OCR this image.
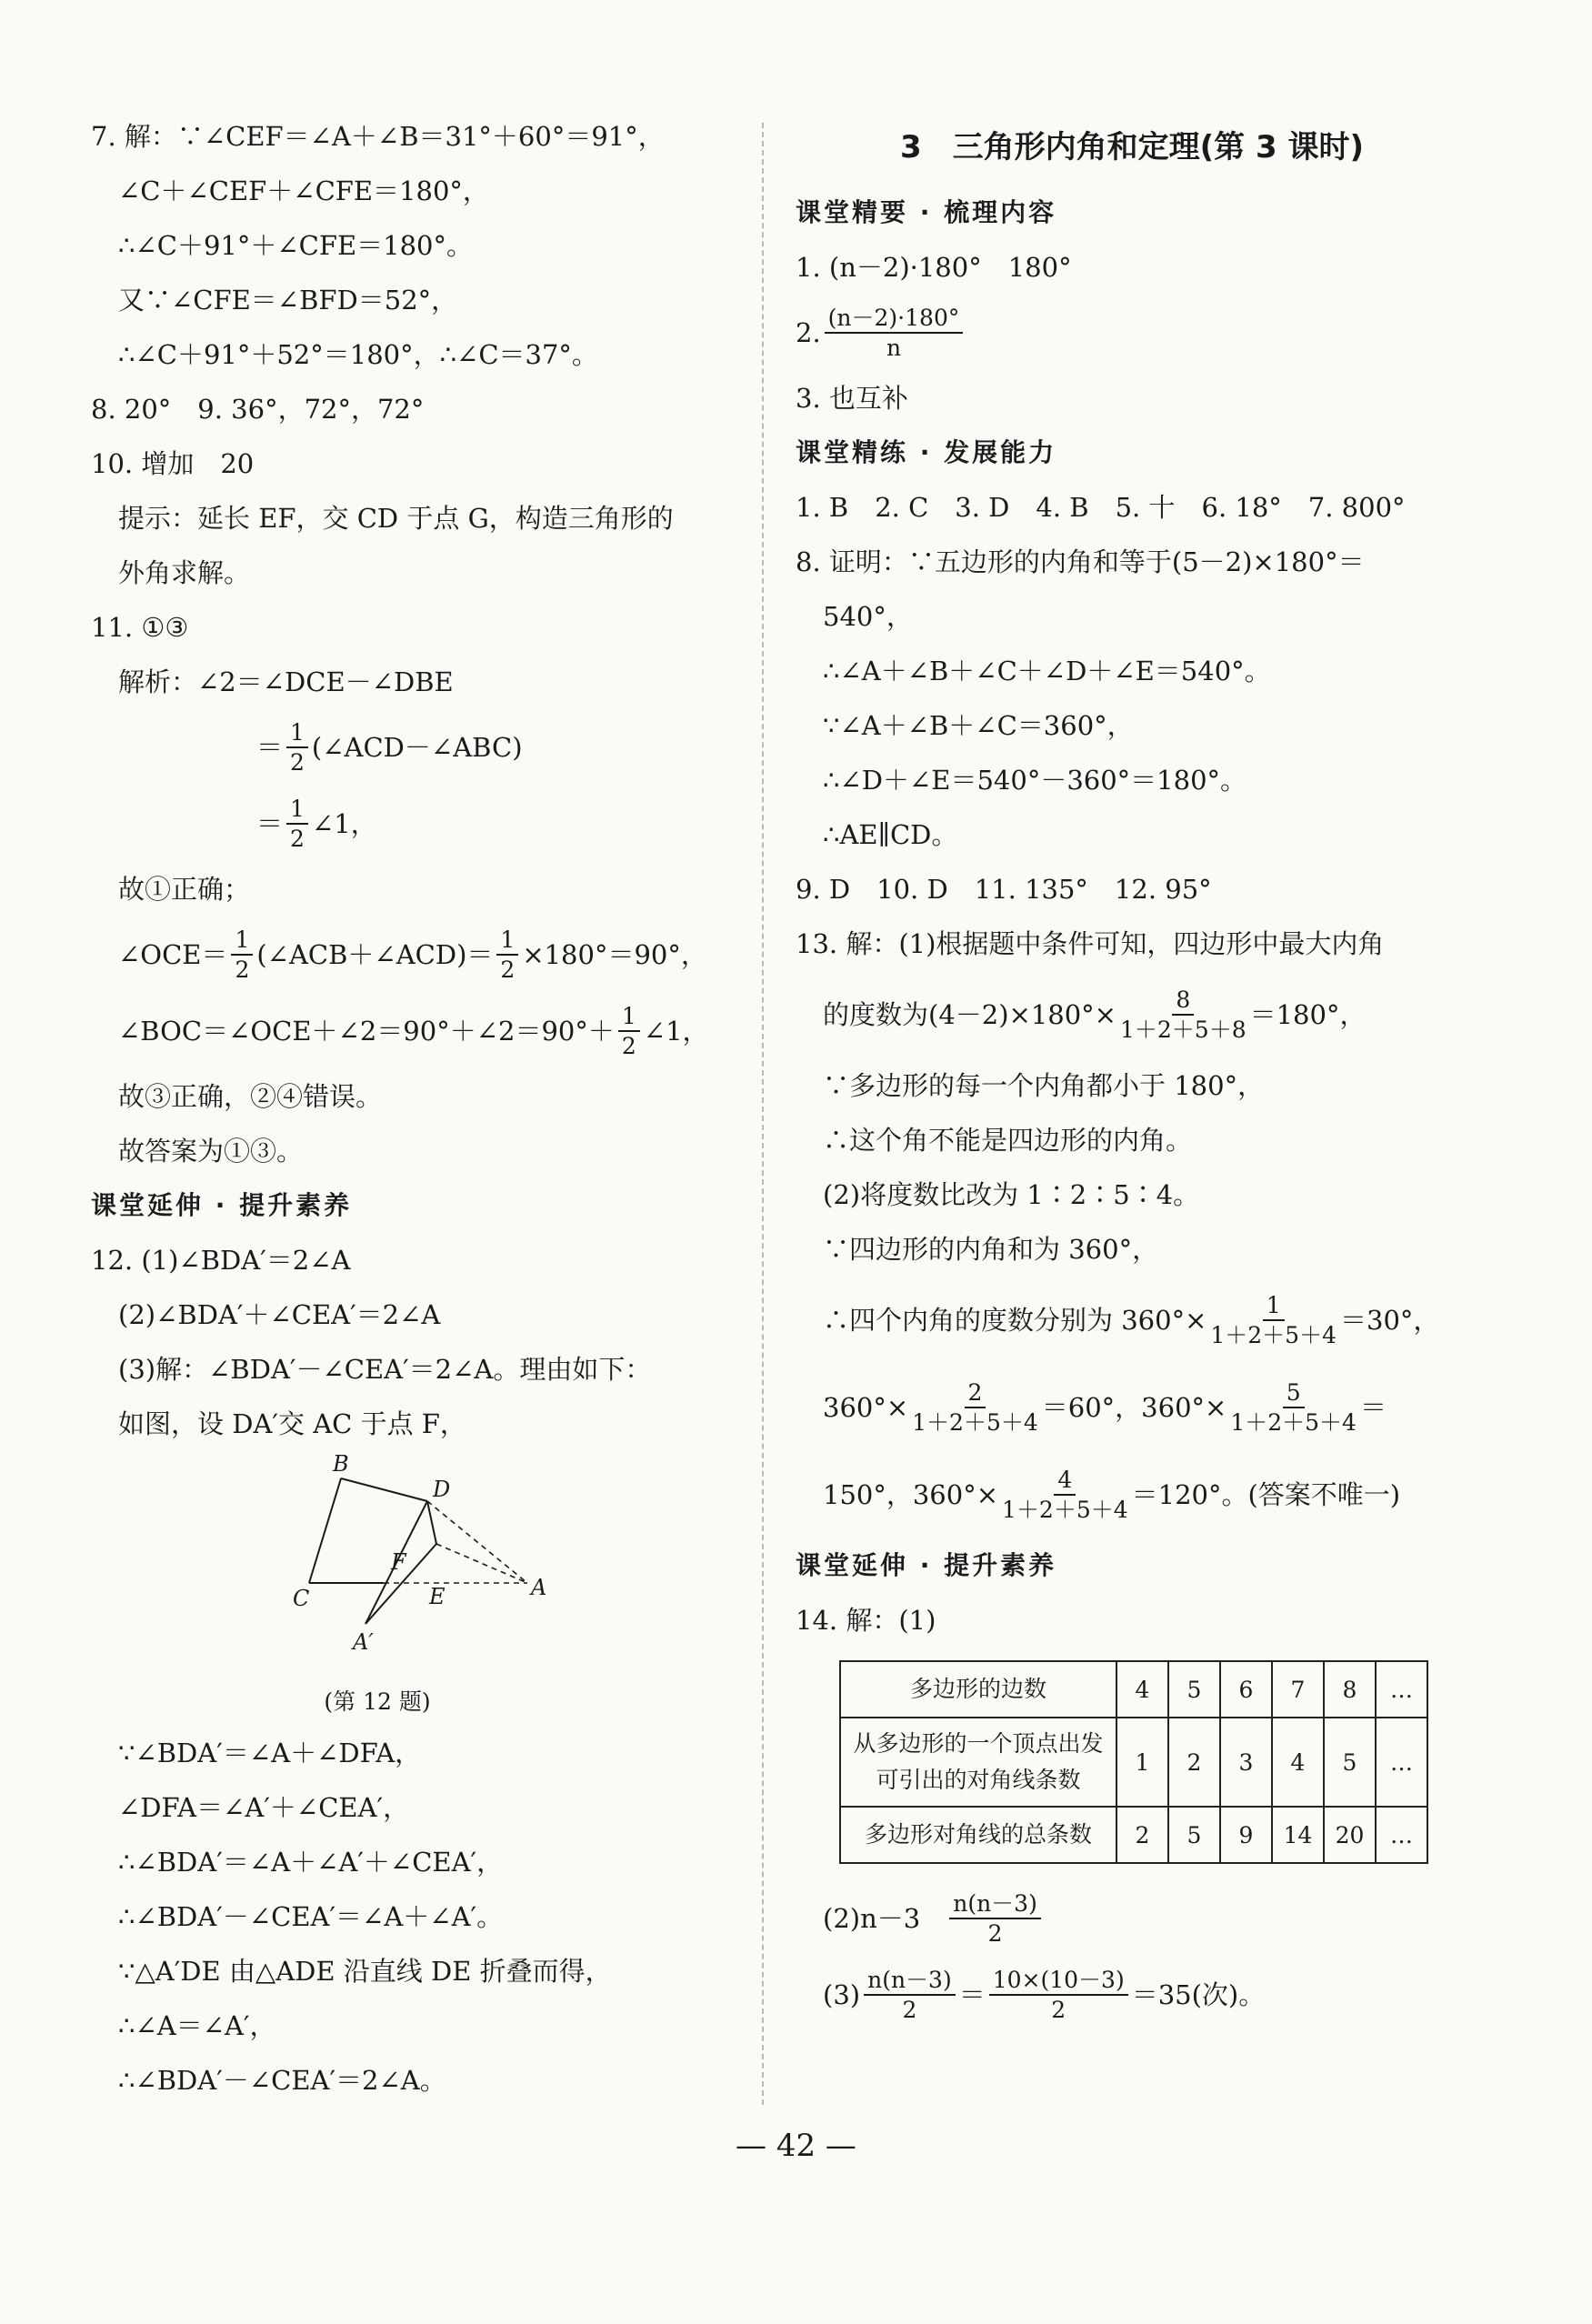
7. 解：∵∠CEF＝∠A＋∠B＝31°＋60°＝91°，
∠C＋∠CEF＋∠CFE＝180°，
∴∠C＋91°＋∠CFE＝180°。
又∵∠CFE＝∠BFD＝52°，
∴∠C＋91°＋52°＝180°，∴∠C＝37°。
8. 20°　9. 36°，72°，72°
10. 增加　20
提示：延长 EF，交 CD 于点 G，构造三角形的
外角求解。
11. ①③
解析：∠2＝∠DCE－∠DBE
＝ $\frac{1}{2}$ (∠ACD－∠ABC)
＝ $\frac{1}{2}$ ∠1，
故①正确；
∠OCE＝ $\frac{1}{2}$ (∠ACB＋∠ACD)＝ $\frac{1}{2} \times 180^\circ=90^\circ$，
∠BOC＝∠OCE＋∠2＝90°＋∠2＝90°＋ $\frac{1}{2}$ ∠1，
故③正确，②④错误。
故答案为①③。
课堂延伸 · 提升素养
12. (1)∠BDA′＝2∠A
(2)∠BDA′＋∠CEA′＝2∠A
(3)解：∠BDA′－∠CEA′＝2∠A。理由如下：
如图，设 DA′交 AC 于点 F，
B
D
F
C	E	A
A′
(第 12 题)
∵∠BDA′＝∠A＋∠DFA，
∠DFA＝∠A′＋∠CEA′，
∴∠BDA′＝∠A＋∠A′＋∠CEA′，
∴∠BDA′－∠CEA′＝∠A＋∠A′。
∵△A′DE 由△ADE 沿直线 DE 折叠而得，
∴∠A＝∠A′，
∴∠BDA′－∠CEA′＝2∠A。
3　三角形内角和定理(第 3 课时)
课堂精要 · 梳理内容
1. (n－2)·180°　180°
2. $\frac{(n-2)\cdot 180^\circ}{n}$
3. 也互补
课堂精练 · 发展能力
1. B　2. C　3. D　4. B　5. 十　6. 18°　7. 800°
8. 证明：∵五边形的内角和等于(5－2)×180°＝
540°，
∴∠A＋∠B＋∠C＋∠D＋∠E＝540°。
∵∠A＋∠B＋∠C＝360°，
∴∠D＋∠E＝540°－360°＝180°。
∴AE∥CD。
9. D　10. D　11. 135°　12. 95°
13. 解：(1)根据题中条件可知，四边形中最大内角
的度数为$(4-2)\times 180^\circ\times \frac{8}{1+2+5+8} =180^\circ$，
∵多边形的每一个内角都小于 180°，
∴这个角不能是四边形的内角。
(2)将度数比改为 1∶2∶5∶4。
∵四边形的内角和为 360°，
∴四个内角的度数分别为 $360^\circ\times \frac{1}{1+2+5+4} =30^\circ$，
$360^\circ\times \frac{2}{1+2+5+4} =60^\circ$，$360^\circ\times \frac{5}{1+2+5+4}$ ＝
150°，$360^\circ\times \frac{4}{1+2+5+4} =120^\circ$。(答案不唯一)
课堂延伸 · 提升素养
14. 解：(1)
多边形的边数	4	5	6	7	8	…
从多边形的一个顶点出发可引出的对角线条数	1	2	3	4	5	…
多边形对角线的总条数	2	5	9	14	20	…
$(2)n-3 \frac{n(n-3)}{2}$
$(3) \frac{n(n-3)}{2} = \frac{10\times(10-3)}{2} =35$(次)。
— 42 —
